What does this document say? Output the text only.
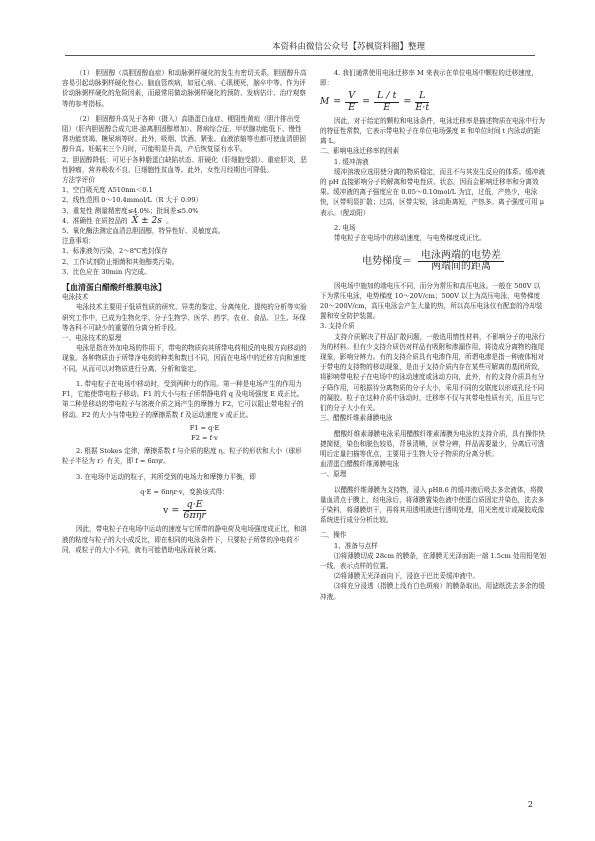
本资料由微信公众号【苏枫资料圈】整理

（1） 胆固醇（高胆固醇血症）和动脉粥样硬化的发生有密切关系，胆固醇升高容易引起动脉粥样硬化性心、脑血管疾病，如冠心病、心肌梗死，脑卒中等。作为评价动脉粥样硬化的危险因素，而最常用做动脉粥样硬化的预防、发病估计、治疗观察等的参考指标。

（2） 胆固醇升高见于各种（摄入）高脂蛋白血症、梗阻性黄疸（胆汁排出受阻）（肝内胆固醇合成亢进-游离胆固醇增加）、肾病综合征、甲状腺功能低下、慢性肾功能衰竭、糖尿病等时。此外，吸烟、饮酒、紧张、血液浓缩等也都可使血清胆固醇升高。妊娠末三个月时，可能明显升高，产后恢复原有水平。

2、胆固醇降低：可见于各种脂蛋白缺陷状态、肝硬化（肝细胞受损）、重症肝炎，恶性肿瘤、营养吸收不良、巨细胞性贫血等。此外，女性月经期也可降低。

方法学评价

1、空白吸光度 A510nm＜0.1

2、线性范围 0～10.4mmol/L（R 大于 0.99）

3、重复性 测量精密度≤4.0%；批间差≤5.0%

4、准确性 在质控品的 X̄ ± 2s 。

5、氧化酶法测定血清总胆固醇，特异性好、灵敏度高。

注意事项：

1、标准液勿污染，2～8℃密封保存

2、工作试剂防止细菌和其他醇类污染。

3、比色应在 30min 内完成。

【血清蛋白醋酸纤维膜电泳】

电泳技术

电泳技术主要用于低质性质的研究、异类的鉴定、分离纯化、提纯的分析等实验研究工作中，已成为生物化学、分子生物学、医学、药学、农业、食品、卫生、环保等各科不可缺少的重要的分离分析手段。

一、电泳技术的原理

电泳是指在外加电场的作用下，带电的物质向其所带电荷相反的电极方向移动的现象。各种物质由于所带净电荷的种类和数目不同，因而在电场中的迁移方向和速度不同。从而可以对物质进行分离、分析和鉴定。

1. 带电粒子在电场中移动时，受到两种力的作用。第一种是电场产生的作用力 F1，它能使带电粒子移动。F1 的大小与粒子所带静电荷 q 及电场强度 E 成正比。第二种是移动的带电粒子与溶液介质之间产生的摩擦力 F2，它可以阻止带电粒子的移动。F2 的大小与带电粒子的摩擦系数 f 及运动速度 v 成正比。

F1 = q·E

F2 = f·v

2. 根据 Stokes 定律，摩擦系数 f 与介质的粘度 η、粒子的形状和大小（球形粒子半径为 r）有关，即 f = 6πηr。

3. 在电场中运动的粒子，其所受到的电场力和摩擦力平衡，即

q·E = 6πηr·v，变换该式得：

$v = \frac{q\cdot E}{\text{6πηr}}$

因此，带电粒子在电场中运动的速度与它所带的静电荷及电场强度成正比，和溶液的粘度与粒子的大小成反比，即在相同的电泳条件下，只要粒子所带的净电荷不同，或粒子的大小不同，就有可能借助电泳而被分离。

4. 我们通常使用电泳迁移率 M 来表示在单位电场中颗粒的迁移速度，即：

$M = \frac{V}{E} = \frac{L / t}{E} = \frac{L}{E\cdot t}$

因此，对于给定的颗粒和电泳条件，电泳迁移率是描述物质在电泳中行为的特征性常数，它表示带电粒子在单位电场强度 E 和单位时间 t 内泳动的距离 L。

二、影响电泳迁移率的因素

1. 缓冲溶液

缓冲溶液应选用使分离的物质稳定，而且不与其发生反应的体系。缓冲液的 pH 直接影响分子的解离和带电性质、状态，因而会影响迁移率和分离效果。缓冲液的离子强度应在 0.05～0.10mol/L 为宜，过低，产热少，电泳快，区带明显扩散；过高，区带尖锐，泳动距离短，产热多。离子强度可用 μ 表示。（配动阳）

2. 电场

带电粒子在电场中的移动速度，与电势梯度成正比。

电势梯度＝ $\frac{\text{电泳两端的电势差}}{\text{两端间的距离}}$

因电场中施加的端电压不同，而分为常压和高压电泳。一般在 500V 以下为常压电泳，电势梯度 10～20V/cm；500V 以上为高压电泳，电势梯度 20～200V/cm，高压电泳会产生大量的热，所以高压电泳仪有配套的冷却装置和安全防护装置。

3. 支持介质

支持介质解决了样品扩散问题，一般选用惰性材料，不影响分子的电泳行为的材料。但有少支持介质仍对样品有吸附和渗漏作用，将造成分离物的拖尾现象，影响分辨力。有的支持介质具有电渗作用，所谓电渗是指一种液体相对于带电的支持物的移动现象，是由于支持介质内存在某些可解离的基团所致，将影响带电粒子在电场中的泳动速度或泳动方向，此外，有的支持介质具有分子筛作用，可根据待分离物质的分子大小，采用不同的交联度以形成孔径不同的凝胶。粒子在这种介质中泳动时，迁移率不仅与其带电性质有关，而且与它们的分子大小有关。

三、醋酸纤维素薄膜电泳

醋酸纤维素薄膜电泳采用醋酸纤维素薄膜为电泳的支持介质，具有操作快捷简便，染色和脱色较易，背景清晰，区带分辨，样品需要量少，分离后可透明后定量扫描等优点，主要用于生物大分子物质的分离分析。

血清蛋白醋酸纤维薄膜电泳

一、原理

以醋酸纤维薄膜为支持物，浸入 pH8.6 的缓冲液后吸去多余液体，将微量血清点于膜上，经电泳后，将薄膜置染色液中使蛋白质固定并染色，洗去多于染料，将薄膜烘干，再将其用透明液进行透明处理，用光密度计或凝胶成像系统进行成分分析比较。

二、操作

1、准备与点样

⑴将薄膜切成 28cm 的膜条，在薄膜无光泽面距一端 1.5cm 处用铅笔划一线，表示点样的位置。

⑵将薄膜无光泽面向下，浸泡于巴比妥缓冲液中。

⑶将充分浸透（指膜上没有白色斑痕）的膜条取出，用滤纸洗去多余的缓冲液。

2
